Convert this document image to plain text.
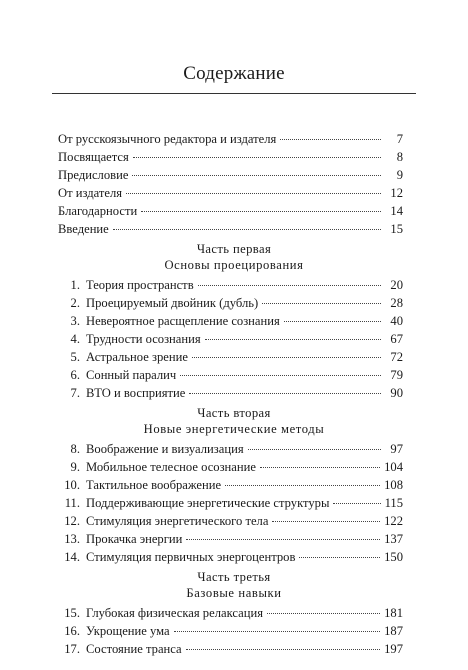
Содержание
От русскоязычного редактора и издателя	7
Посвящается	8
Предисловие	9
От издателя	12
Благодарности	14
Введение	15
Часть первая
Основы проецирования
1. Теория пространств	20
2. Проецируемый двойник (дубль)	28
3. Невероятное расщепление сознания	40
4. Трудности осознания	67
5. Астральное зрение	72
6. Сонный паралич	79
7. ВТО и восприятие	90
Часть вторая
Новые энергетические методы
8. Воображение и визуализация	97
9. Мобильное телесное осознание	104
10. Тактильное воображение	108
11. Поддерживающие энергетические структуры	115
12. Стимуляция энергетического тела	122
13. Прокачка энергии	137
14. Стимуляция первичных энергоцентров	150
Часть третья
Базовые навыки
15. Глубокая физическая релаксация	181
16. Укрощение ума	187
17. Состояние транса	197
